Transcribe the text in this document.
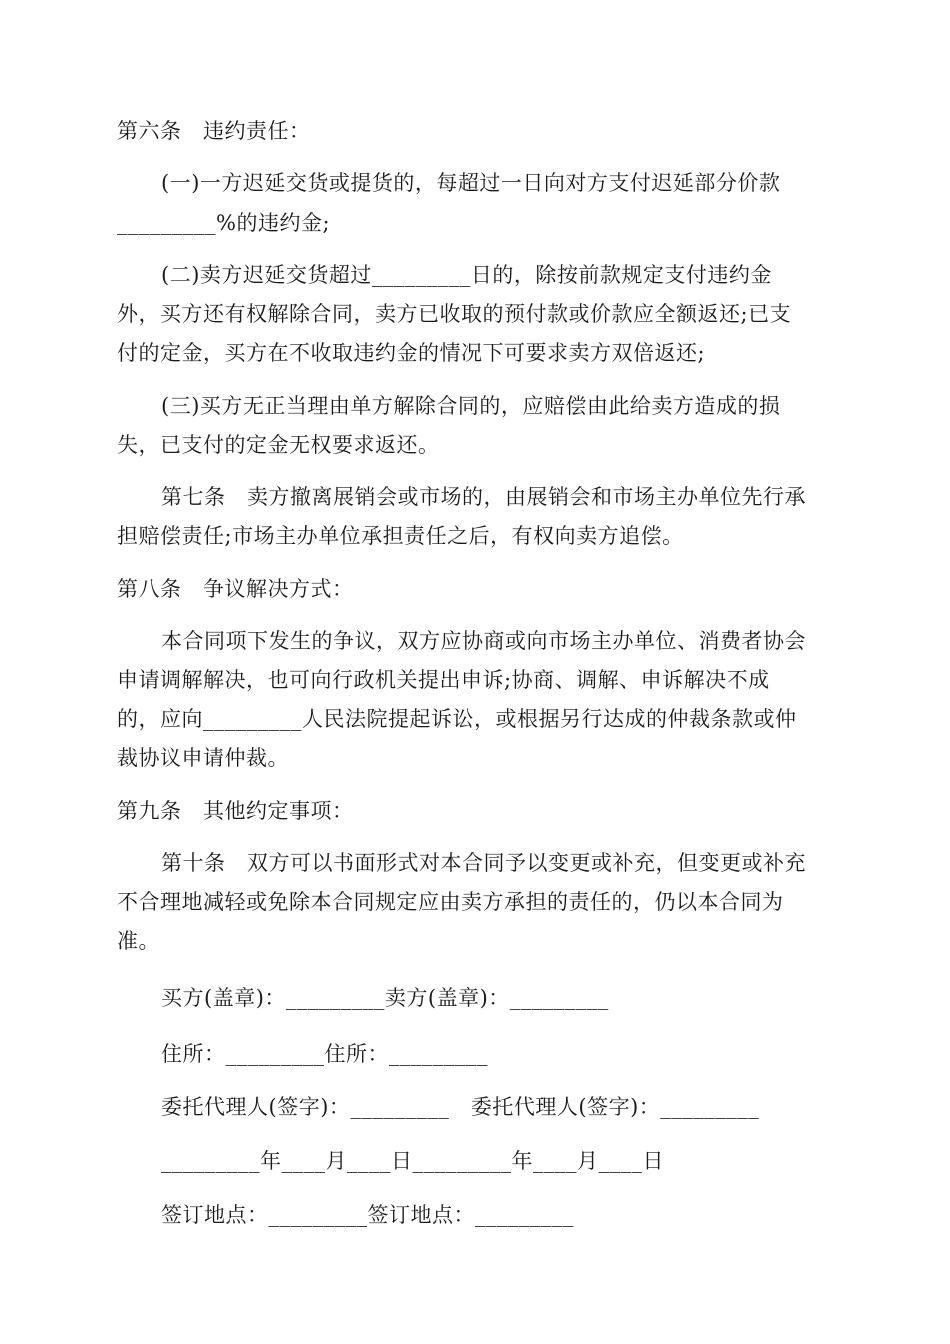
第六条　违约责任：
(一)一方迟延交货或提货的，每超过一日向对方支付迟延部分价款
_________%的违约金;
(二)卖方迟延交货超过_________日的，除按前款规定支付违约金
外，买方还有权解除合同，卖方已收取的预付款或价款应全额返还;已支
付的定金，买方在不收取违约金的情况下可要求卖方双倍返还;
(三)买方无正当理由单方解除合同的，应赔偿由此给卖方造成的损
失，已支付的定金无权要求返还。
第七条　卖方撤离展销会或市场的，由展销会和市场主办单位先行承
担赔偿责任;市场主办单位承担责任之后，有权向卖方追偿。
第八条　争议解决方式：
本合同项下发生的争议，双方应协商或向市场主办单位、消费者协会
申请调解解决，也可向行政机关提出申诉;协商、调解、申诉解决不成
的，应向_________人民法院提起诉讼，或根据另行达成的仲裁条款或仲
裁协议申请仲裁。
第九条　其他约定事项：
第十条　双方可以书面形式对本合同予以变更或补充，但变更或补充
不合理地减轻或免除本合同规定应由卖方承担的责任的，仍以本合同为
准。
买方(盖章)：_________卖方(盖章)：_________
住所：_________住所：_________
委托代理人(签字)：_________　委托代理人(签字)：_________
_________年____月____日_________年____月____日
签订地点：_________签订地点：_________
